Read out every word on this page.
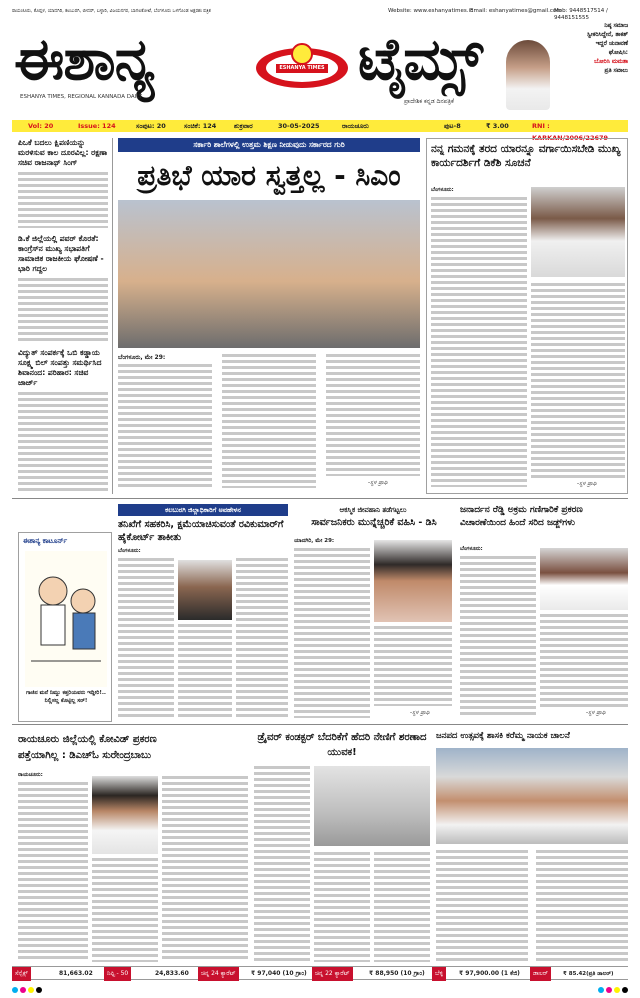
ರಾಯಚೂರು, ಕೊಪ್ಪಳ, ಯಾದಗಿರಿ, ಕಲಬುರಗಿ, ಬೀದರ್, ಬಳ್ಳಾರಿ, ವಿಜಯನಗರ, ಬಾಗಲಕೋಟೆ, ಬೆಂಗಳೂರು ಒಳಗೊಂಡ ಅಕ್ಷರಶಃ ಪತ್ರಿಕ	Website: www.eshanyatimes.in
Email: eshanyatimes@gmail.com
Mob: 9448517514 / 9448151555
ಈಶಾನ್ಯ	ESHANYA TIMES ಟೈಮ್ಸ್
ESHANYA TIMES, REGIONAL KANNADA DAILY
ಪ್ರಾದೇಶಿಕ ಕನ್ನಡ ದಿನಪತ್ರಿಕೆ
ನಿಷ್ಠ ಸಮಾಜ
ಸ್ವೀಕರಿಸಿದ್ದೇನೆ, ತಾಕತ್
ಇದ್ದರೆ ಚುನಾವಣೆ
ಘೋಷಿಸಿ:
ಬೋರಿಸಿ ಮಮತಾ
ಪ್ರತಿ ಸವಾಲು
Vol: 20	Issue: 124	ಸಂಪುಟ: 20	ಸಂಚಿಕೆ: 124	ಶುಕ್ರವಾರ	30-05-2025	ರಾಯಚೂರು	ಪುಟ-8	₹ 3.00	RNI : KARKAN/2006/22679
ಪಿಒಕೆ ಬದಲು ಕ್ಷಿಪಣಿಯನ್ನು ಮರಳಿಸುವ ಕಾಲ ದೂರವಿಲ್ಲ: ರಕ್ಷಣಾ ಸಚಿವ ರಾಜನಾಥ್ ಸಿಂಗ್
ಡಿ.ಕೆ ಜಿಲ್ಲೆಯಲ್ಲಿ ಪವರ್ ಕೊರತೆ: ಕಾಂಗ್ರೆಸ್‌ನ ಮುಖ್ಯ ಸಭಾಪತಿಗೆ ಸಾಮಾಜಿಕ ರಾಜಕೀಯ ಘೋಷಣೆ - ಭಾರಿ ಗದ್ದಲ
ವಿದ್ಯುತ್ ಸಂಪರ್ಕಕ್ಕೆ ಒಬಿ ಕಡ್ಡಾಯ ಸೂಕ್ಷ್ಮ ಬಿಲ್ ಸಂಪತ್ತು ಸಮರ್ಥಿಸಿದ ಶಿವಾನಂದ: ಪರಿಹಾರ: ಸಚಿವ ಜಾರ್ಜ್
ಸರ್ಕಾರಿ ಶಾಲೆಗಳಲ್ಲಿ ಉತ್ತಮ ಶಿಕ್ಷಣ ನೀಡುವುದು ಸರ್ಕಾರದ ಗುರಿ
ಪ್ರತಿಭೆ ಯಾರ ಸ್ವತ್ತಲ್ಲ - ಸಿಎಂ
ಬೆಂಗಳೂರು, ಮೇ 29:
-ಸ್ಥಳ ಪ್ರಾಥಿ
ನನ್ನ ಗಮನಕ್ಕೆ ತರದ ಯಾರನ್ನೂ ವರ್ಗಾಯಿಸಬೇಡಿ ಮುಖ್ಯ ಕಾರ್ಯದರ್ಶಿಗೆ ಡಿಕೆಶಿ ಸೂಚನೆ
ಬೆಂಗಳೂರು:
-ಸ್ಥಳ ಪ್ರಾಥಿ
ಈಶಾನ್ಯ ಕಾಟೂರ್ನ್
ಗಾಜಿನ ಮನೆ ನಿಮ್ದು ಕತ್ತರಿಯವರು ಇದ್ದೀರಿ!.. ನಿಲ್ಲಿಸಲ್ಲ ಕೊಟ್ಟಿಲ್ಲ ಸರ್!
ಕಲಬುರಗಿ ಜಿಲ್ಲಾಧಿಕಾರಿಗೆ ಅವಹೇಳನ
ತನಿಖೆಗೆ ಸಹಕರಿಸಿ, ಕ್ಷಮೆಯಾಚಿಸುವಂತೆ ರವಿಕುಮಾರ್‌ಗೆ ಹೈಕೋರ್ಟ್ ತಾಕೀತು
ಬೆಂಗಳೂರು:
ಆಕಸ್ಮಿಕ ಜೀವಹಾನಿ ತಡೆಗಟ್ಟಲು
ಸಾರ್ವಜನಿಕರು ಮುನ್ನೆಚ್ಚರಿಕೆ ವಹಿಸಿ - ಡಿಸಿ
ಯಾದಗಿರಿ, ಮೇ 29:
-ಸ್ಥಳ ಪ್ರಾಥಿ
ಜನಾರ್ದನ ರೆಡ್ಡಿ ಅಕ್ರಮ ಗಣಿಗಾರಿಕೆ ಪ್ರಕರಣ ವಿಚಾರಣೆಯಿಂದ ಹಿಂದೆ ಸರಿದ ಜಡ್ಜ್‌ಗಳು
ಬೆಂಗಳೂರು:
-ಸ್ಥಳ ಪ್ರಾಥಿ
ರಾಯಚೂರು ಜಿಲ್ಲೆಯಲ್ಲಿ ಕೋವಿಡ್ ಪ್ರಕರಣ
ಪತ್ತೆಯಾಗಿಲ್ಲ : ಡಿಎಚ್‌ಓ ಸುರೇಂದ್ರಬಾಬು
ರಾಯಚೂರು:
ಡ್ರೈವರ್ ಕಂಡಕ್ಟರ್ ಬೆದರಿಕೆಗೆ ಹೆದರಿ ನೇಣಿಗೆ ಶರಣಾದ ಯುವಕ!
ಜನಪದ ಉತ್ಸವಕ್ಕೆ ಶಾಸಕಿ ಕರೆಮ್ಮ ನಾಯಕ ಚಾಲನೆ
ಸೆನ್ಸೆಕ್ಸ್	81,663.02	ನಿಫ್ಟಿ - 50	24,833.60	ಚಿನ್ನ 24 ಕ್ಯಾರೆಟ್	₹ 97,040 (10 ಗ್ರಾಂ)	ಚಿನ್ನ 22 ಕ್ಯಾರೆಟ್	₹ 88,950 (10 ಗ್ರಾಂ)	ಬೆಳ್ಳಿ	₹ 97,900.00 (1 ಕೆಜಿ)	ಡಾಲರ್	₹ 85.42(ಪ್ರತಿ ಡಾಲರ್)
